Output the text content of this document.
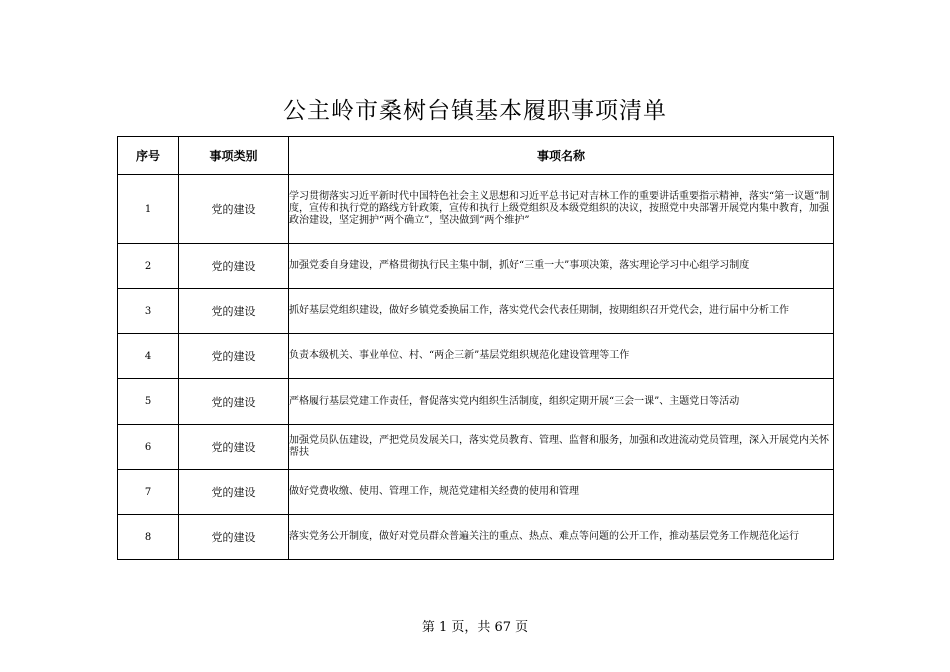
公主岭市桑树台镇基本履职事项清单
序号	事项类别	事项名称
1	党的建设	学习贯彻落实习近平新时代中国特色社会主义思想和习近平总书记对吉林工作的重要讲话重要指示精神，落实“第一议题”制度，宣传和执行党的路线方针政策，宣传和执行上级党组织及本级党组织的决议，按照党中央部署开展党内集中教育，加强政治建设，坚定拥护“两个确立”，坚决做到“两个维护”
2	党的建设	加强党委自身建设，严格贯彻执行民主集中制，抓好“三重一大”事项决策，落实理论学习中心组学习制度
3	党的建设	抓好基层党组织建设，做好乡镇党委换届工作，落实党代会代表任期制，按期组织召开党代会，进行届中分析工作
4	党的建设	负责本级机关、事业单位、村、“两企三新”基层党组织规范化建设管理等工作
5	党的建设	严格履行基层党建工作责任，督促落实党内组织生活制度，组织定期开展“三会一课”、主题党日等活动
6	党的建设	加强党员队伍建设，严把党员发展关口，落实党员教育、管理、监督和服务，加强和改进流动党员管理，深入开展党内关怀帮扶
7	党的建设	做好党费收缴、使用、管理工作，规范党建相关经费的使用和管理
8	党的建设	落实党务公开制度，做好对党员群众普遍关注的重点、热点、难点等问题的公开工作，推动基层党务工作规范化运行
第 1 页，共 67 页
